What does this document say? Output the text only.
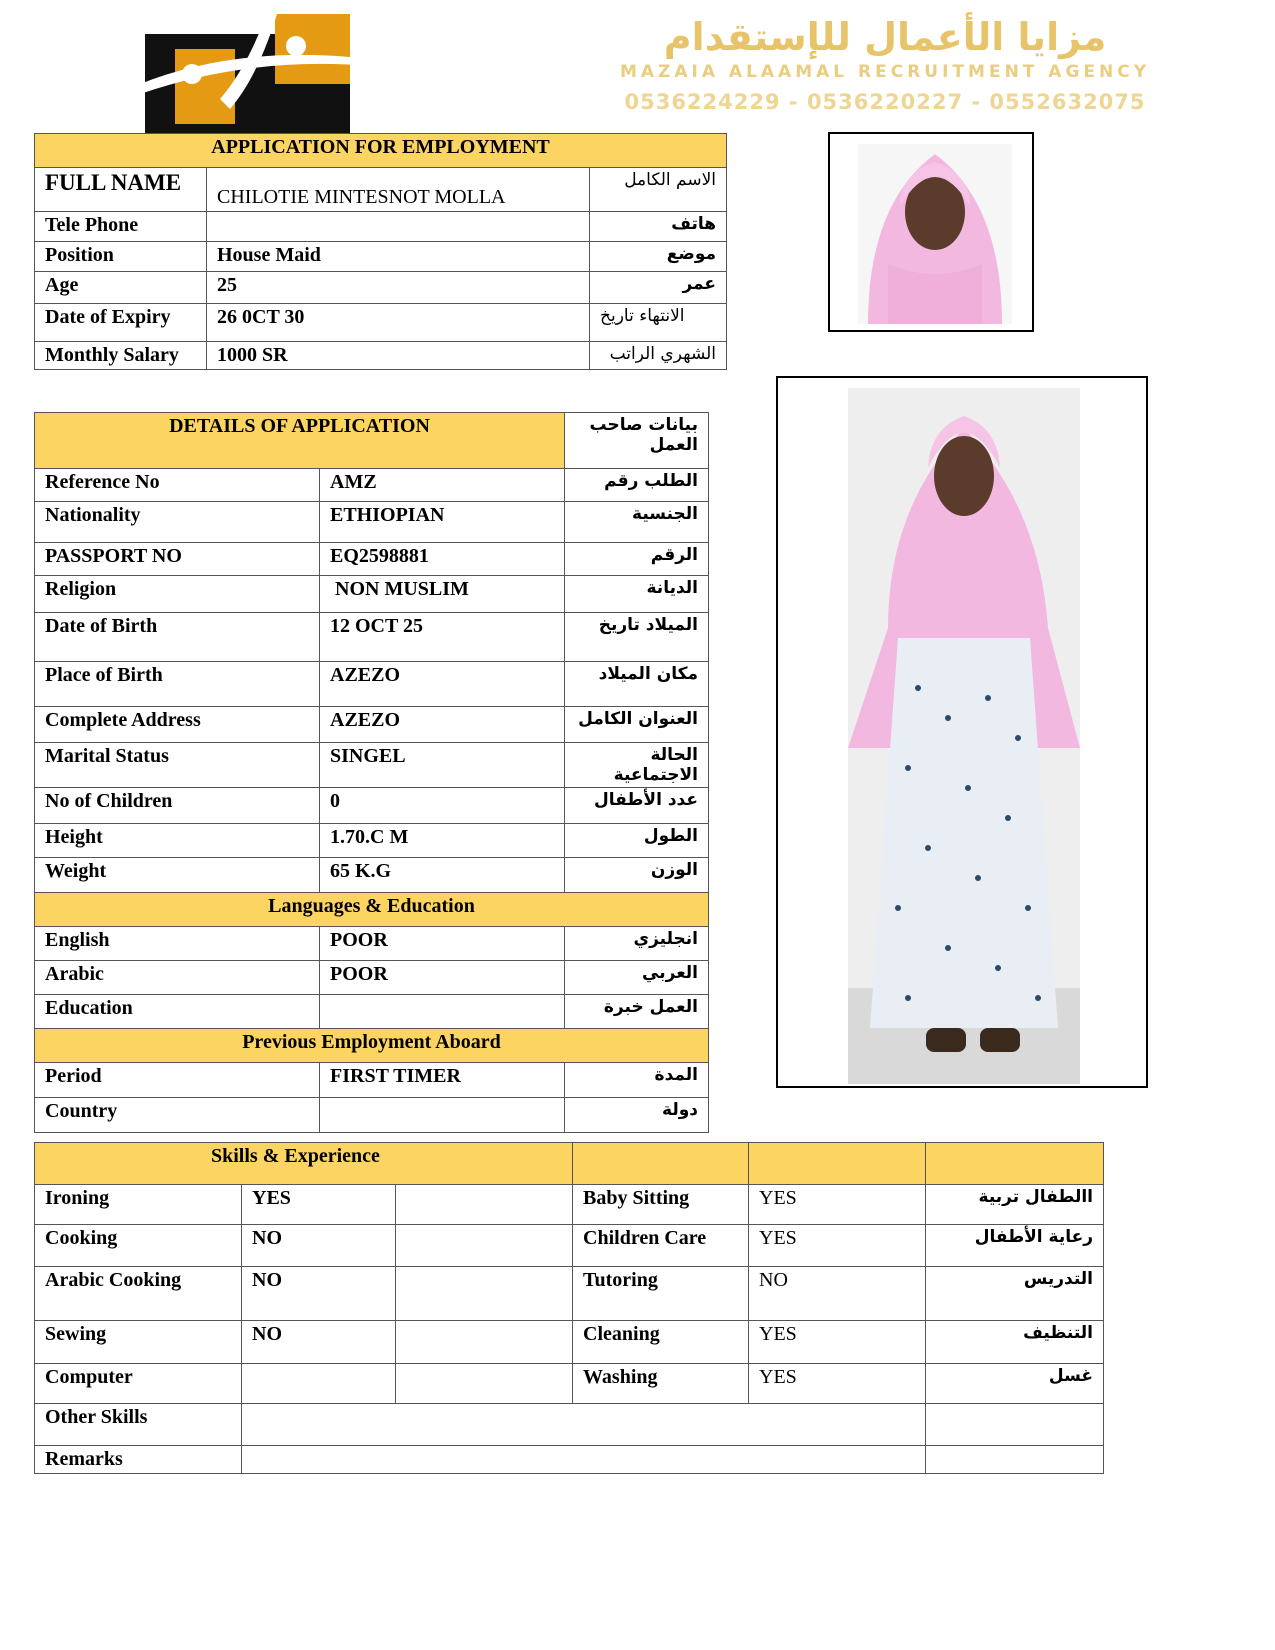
مزايا الأعمال للإستقدام
MAZAIA ALAAMAL RECRUITMENT AGENCY
0536224229 - 0536220227 - 0552632075
APPLICATION FOR EMPLOYMENT		
FULL NAME	CHILOTIE MINTESNOT MOLLA	الاسم الكامل
Tele Phone		هاتف
Position	House Maid	موضع
Age	25	عمر
Date of Expiry	26 0CT 30	الانتهاء تاريخ
Monthly Salary	1000 SR	الشهري الراتب
DETAILS OF APPLICATION		بيانات صاحب العمل
Reference No	AMZ	الطلب رقم
Nationality	ETHIOPIAN	الجنسية
PASSPORT NO	EQ2598881	الرقم
Religion	NON MUSLIM	الديانة
Date of Birth	12 OCT 25	الميلاد تاريخ
Place of Birth	AZEZO	مكان الميلاد
Complete Address	AZEZO	العنوان الكامل
Marital Status	SINGEL	الحالة الاجتماعية
No of Children	0	عدد الأطفال
Height	1.70.C M	الطول
Weight	65 K.G	الوزن
Languages & Education		
English	POOR	انجليزي
Arabic	POOR	العربي
Education		العمل خبرة
Previous Employment Aboard		
Period	FIRST TIMER	المدة
Country		دولة
Skills & Experience					
Ironing	YES		Baby Sitting	YES	االطفال تربية
Cooking	NO		Children Care	YES	رعاية الأطفال
Arabic Cooking	NO		Tutoring	NO	التدريس
Sewing	NO		Cleaning	YES	التنظيف
Computer			Washing	YES	غسل
Other Skills					
Remarks					
